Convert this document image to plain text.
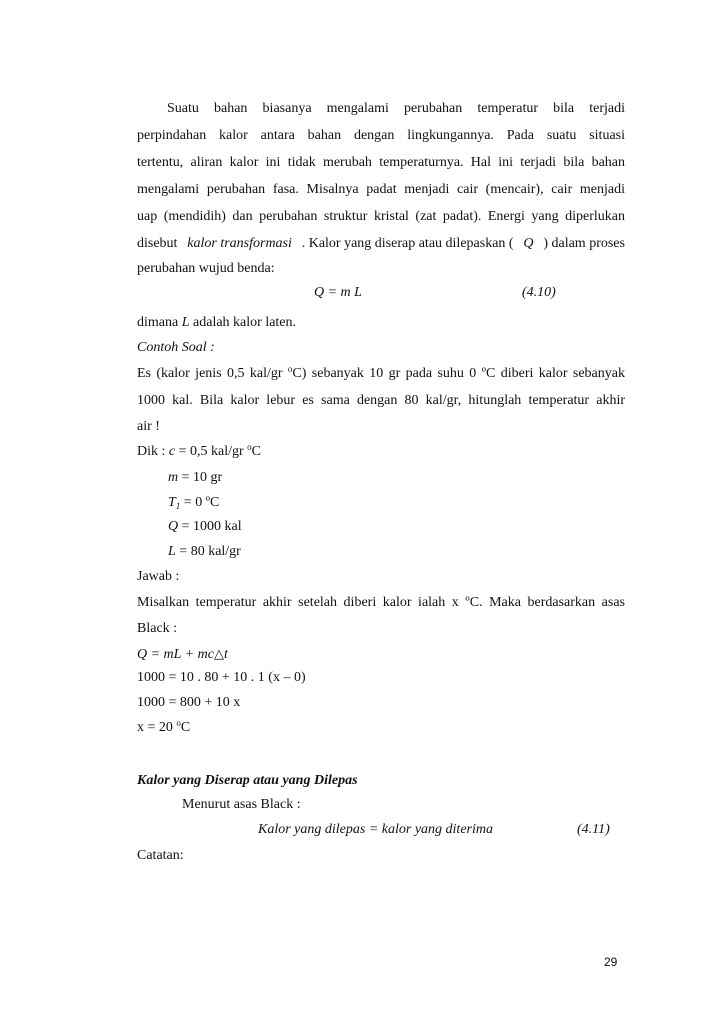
Suatu bahan biasanya mengalami perubahan temperatur bila terjadi
perpindahan kalor antara bahan dengan lingkungannya. Pada suatu situasi
tertentu, aliran kalor ini tidak merubah temperaturnya. Hal ini terjadi bila bahan
mengalami perubahan fasa. Misalnya padat menjadi cair (mencair), cair menjadi
uap (mendidih) dan perubahan struktur kristal (zat padat). Energi yang diperlukan
disebut kalor transformasi . Kalor yang diserap atau dilepaskan ( Q ) dalam proses
perubahan wujud benda:
Q = m L	(4.10)
dimana L adalah kalor laten.
Contoh Soal :
Es (kalor jenis 0,5 kal/gr $^o$C) sebanyak 10 gr pada suhu 0 ºC diberi kalor sebanyak
1000 kal. Bila kalor lebur es sama dengan 80 kal/gr, hitunglah temperatur akhir
air !
Dik : c = 0,5 kal/gr $^o$C
m = 10 gr
$T_1 = 0$ ºC
Q = 1000 kal
L = 80 kal/gr
Jawab :
Misalkan temperatur akhir setelah diberi kalor ialah x ºC. Maka berdasarkan asas
Black :
Q = mL + mc△t
1000 = 10 . 80 + 10 . 1 (x – 0)
1000 = 800 + 10 x
x = 20 $^o$C
Kalor yang Diserap atau yang Dilepas
Menurut asas Black :
Kalor yang dilepas = kalor yang diterima	(4.11)
Catatan:
29
